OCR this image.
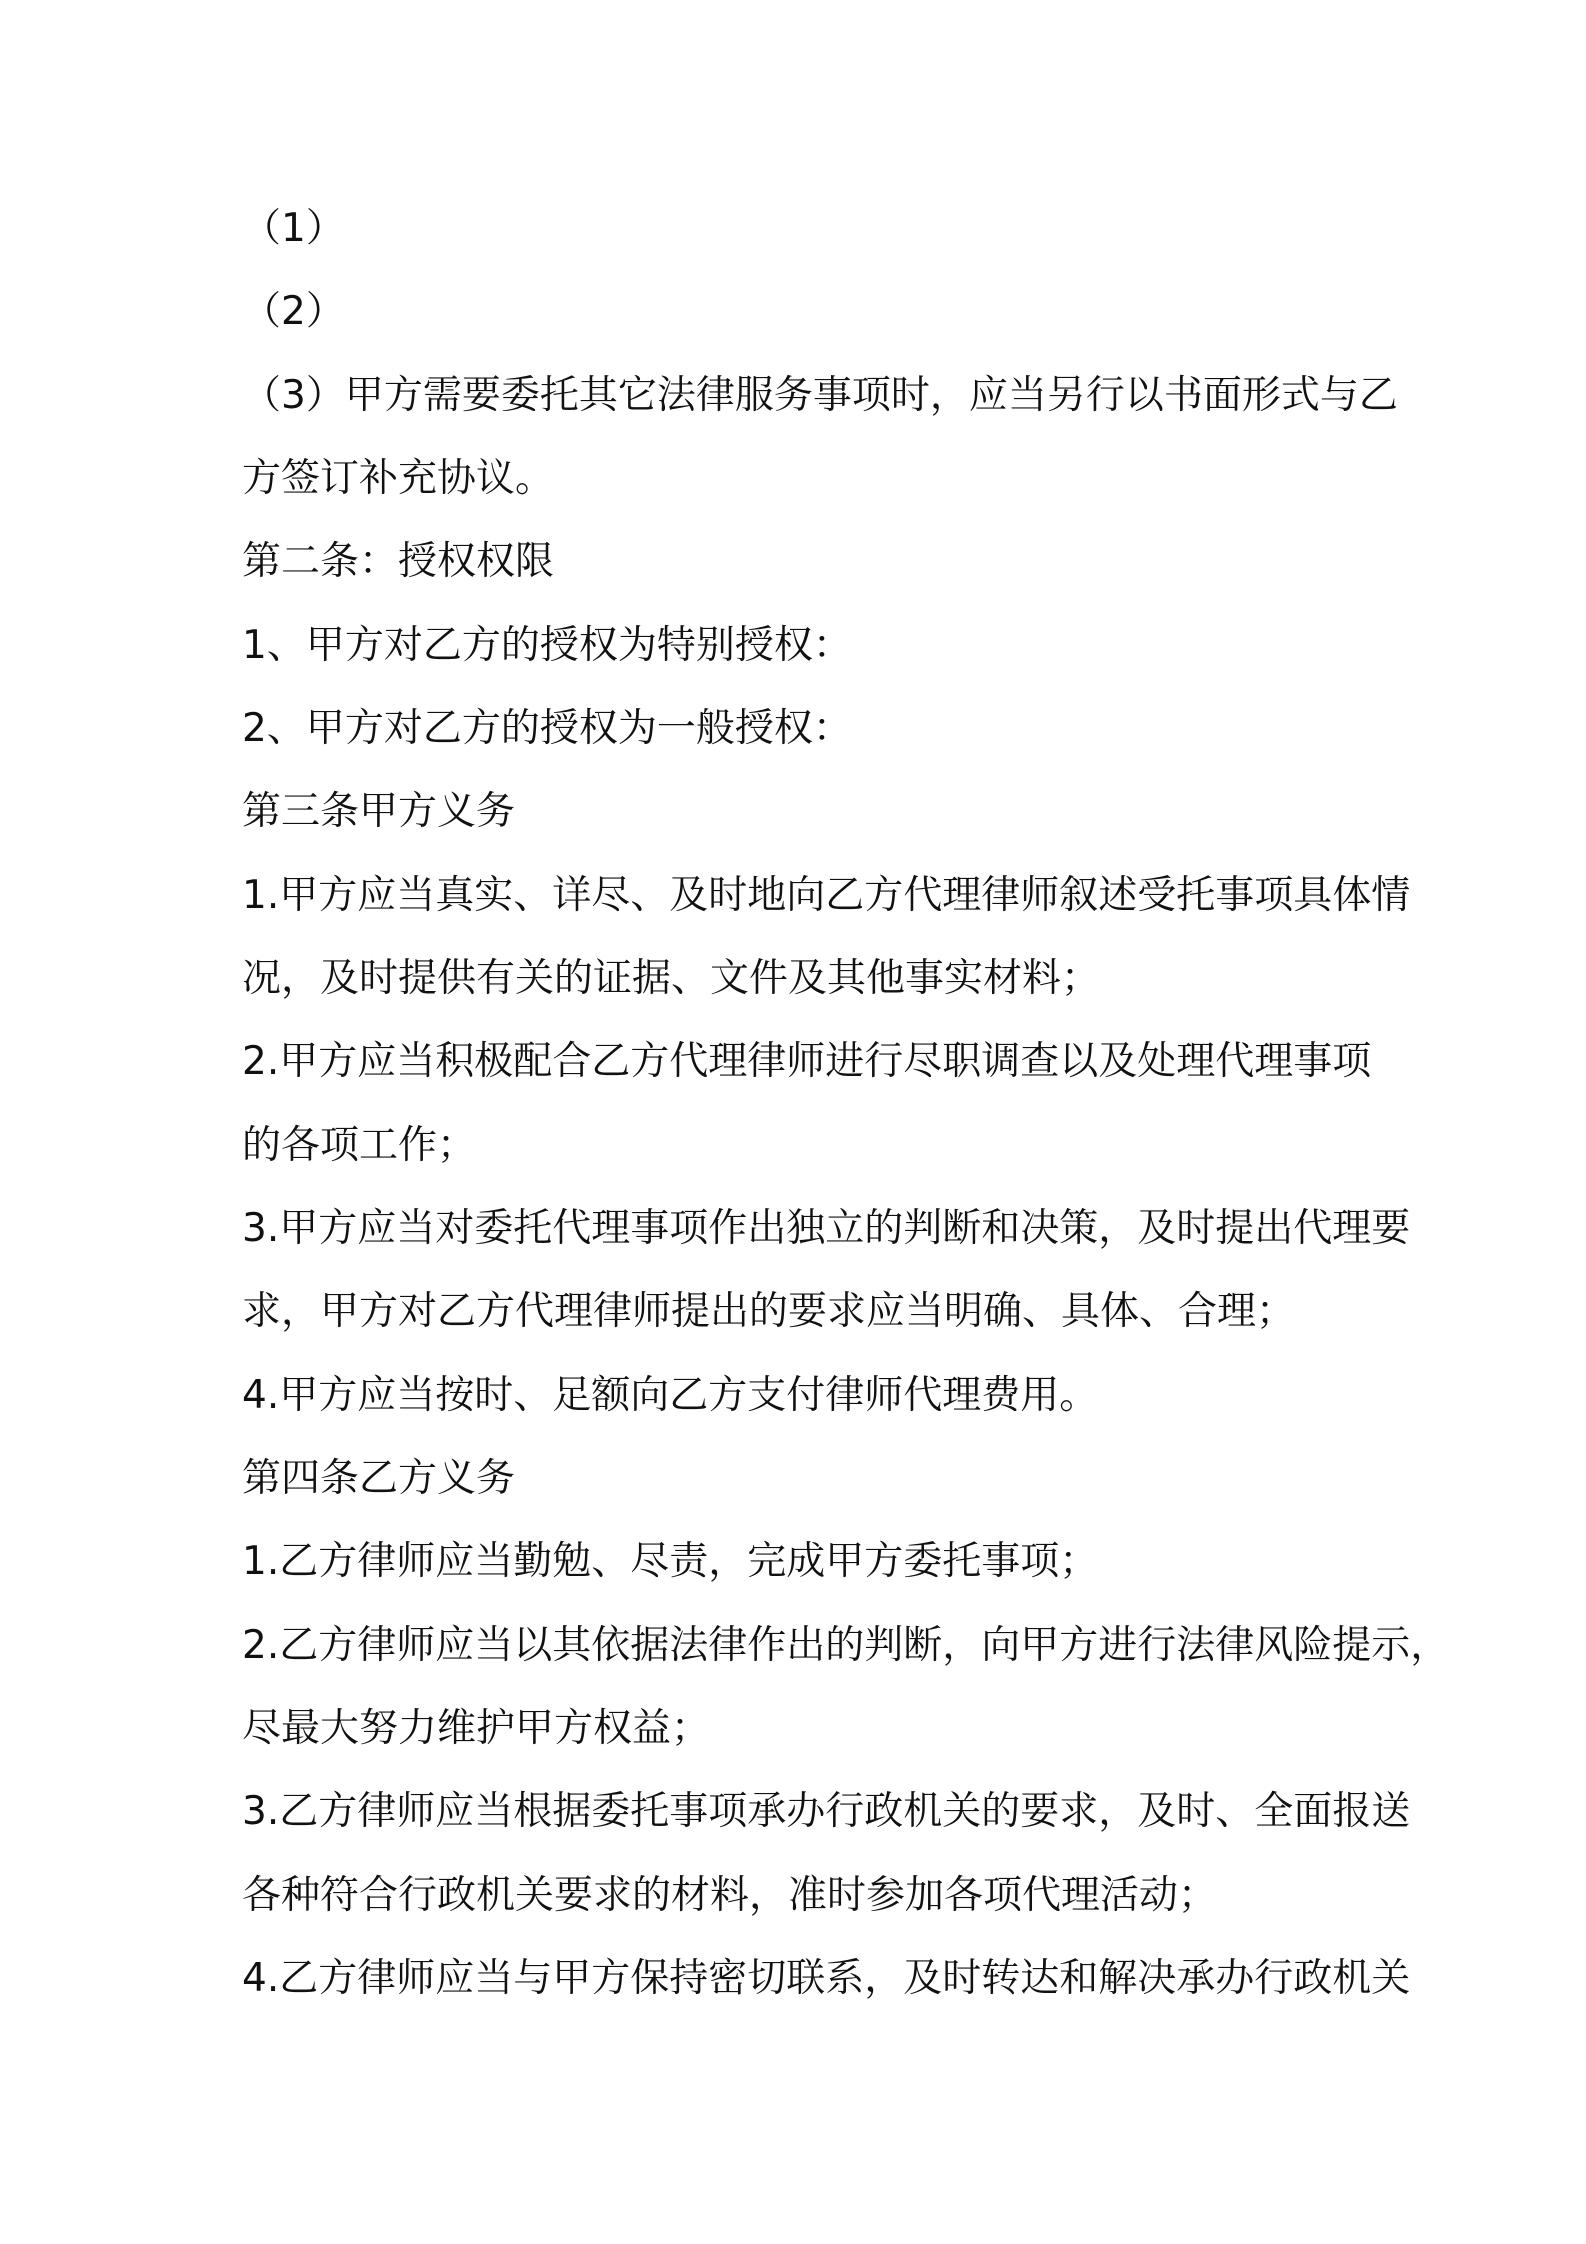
（1）
（2）
（3）甲方需要委托其它法律服务事项时，应当另行以书面形式与乙
方签订补充协议。
第二条：授权权限
1、甲方对乙方的授权为特别授权：
2、甲方对乙方的授权为一般授权：
第三条甲方义务
1.甲方应当真实、详尽、及时地向乙方代理律师叙述受托事项具体情
况，及时提供有关的证据、文件及其他事实材料；
2.甲方应当积极配合乙方代理律师进行尽职调查以及处理代理事项
的各项工作；
3.甲方应当对委托代理事项作出独立的判断和决策，及时提出代理要
求，甲方对乙方代理律师提出的要求应当明确、具体、合理；
4.甲方应当按时、足额向乙方支付律师代理费用。
第四条乙方义务
1.乙方律师应当勤勉、尽责，完成甲方委托事项；
2.乙方律师应当以其依据法律作出的判断，向甲方进行法律风险提示，
尽最大努力维护甲方权益；
3.乙方律师应当根据委托事项承办行政机关的要求，及时、全面报送
各种符合行政机关要求的材料，准时参加各项代理活动；
4.乙方律师应当与甲方保持密切联系，及时转达和解决承办行政机关
